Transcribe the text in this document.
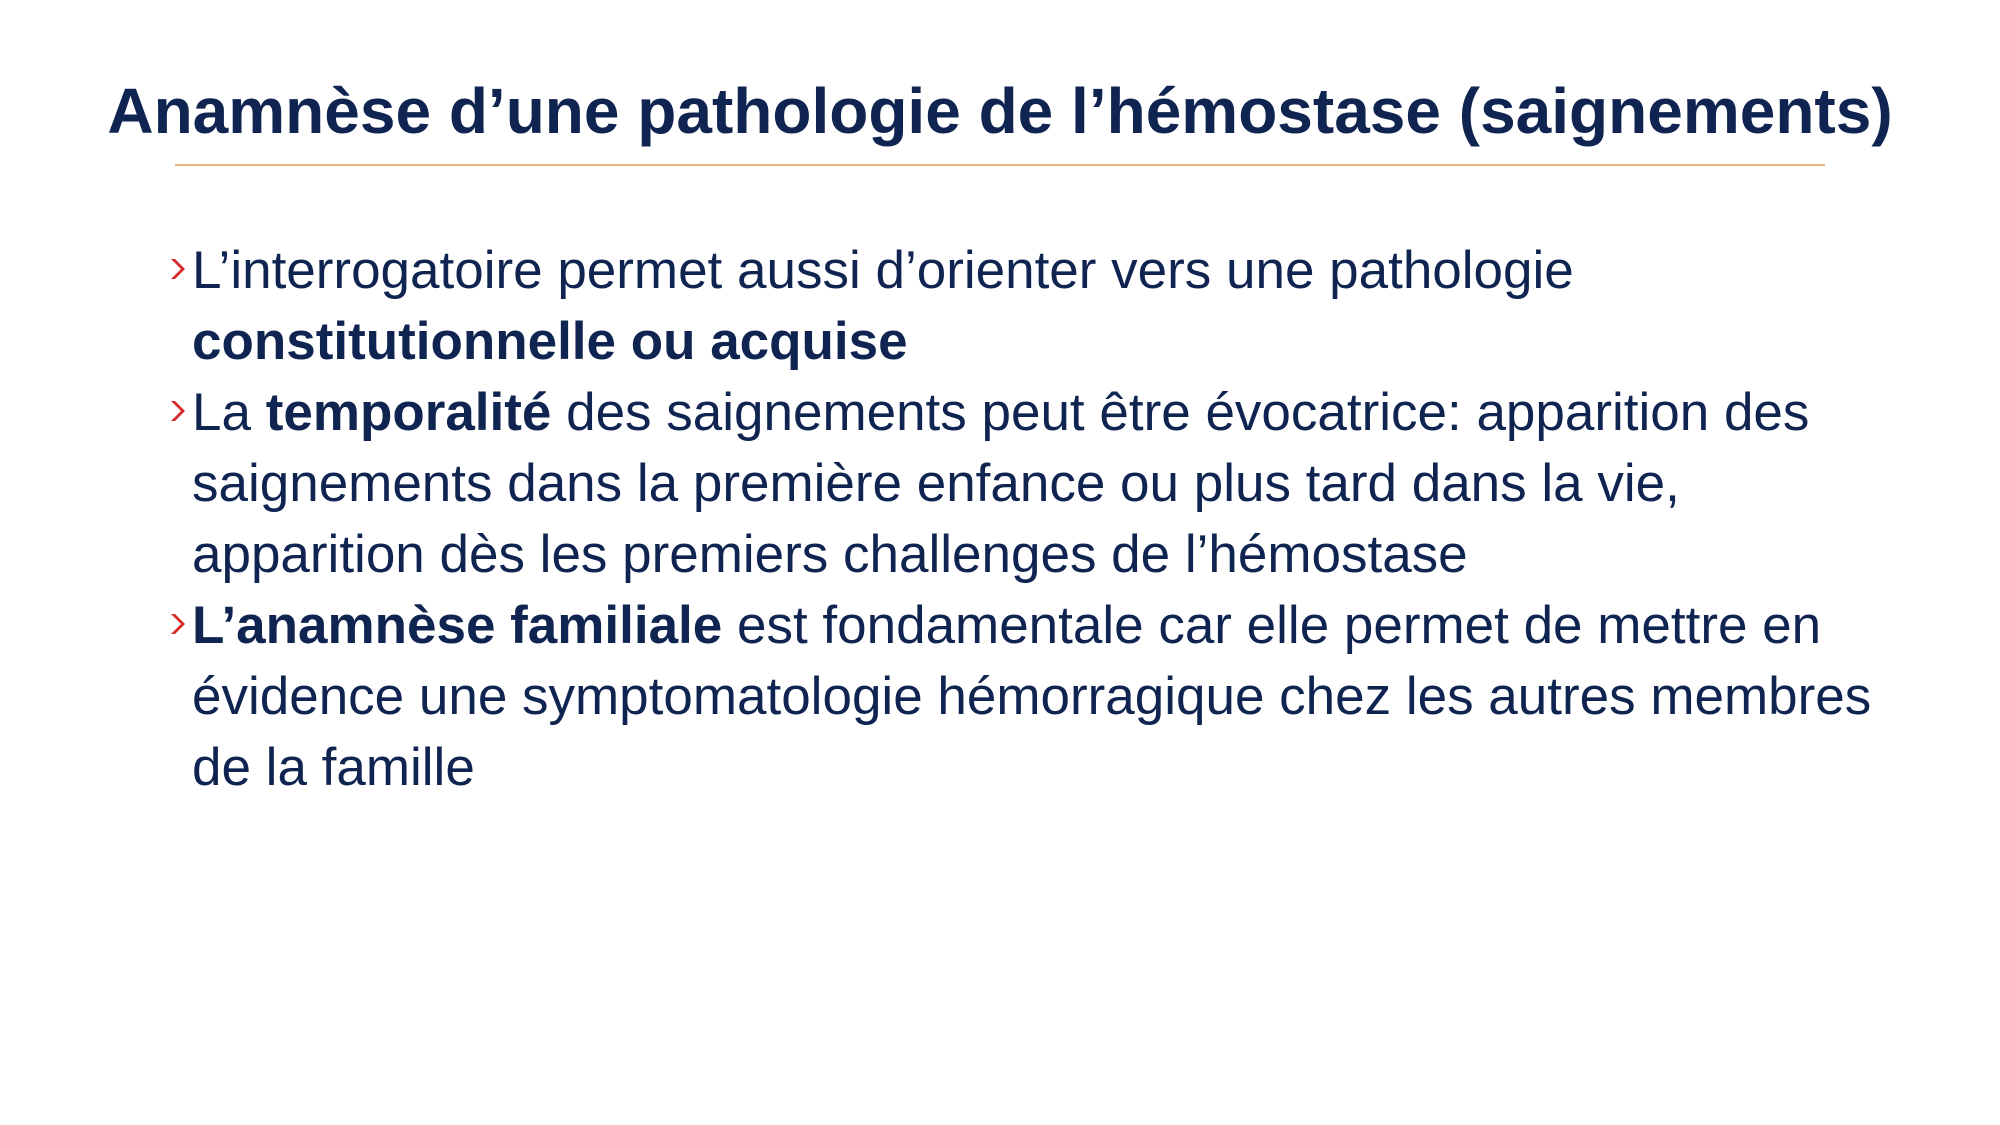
Anamnèse d’une pathologie de l’hémostase (saignements)
L’interrogatoire permet aussi d’orienter vers une pathologie
constitutionnelle ou acquise
La temporalité des saignements peut être évocatrice: apparition des saignements dans la première enfance ou plus tard dans la vie, apparition dès les premiers challenges de l’hémostase
L’anamnèse familiale est fondamentale car elle permet de mettre en évidence une symptomatologie hémorragique chez les autres membres de la famille
